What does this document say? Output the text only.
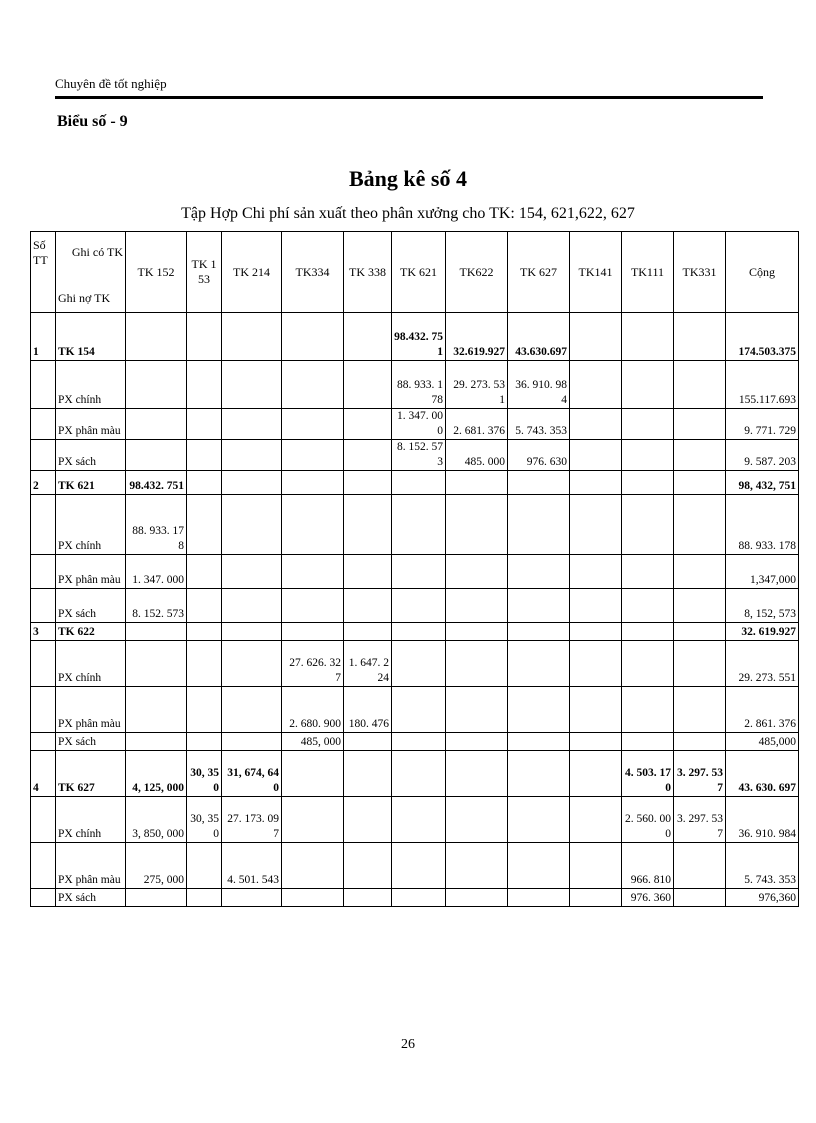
Chuyên đề tốt nghiệp
Biểu số - 9
Bảng kê số 4
Tập Hợp Chi phí sản xuất theo phân xưởng cho TK: 154, 621,622, 627
Số TT	Ghi có TK
Ghi nợ TK	TK 152	TK 153	TK 214	TK334	TK 338	TK 621	TK622	TK 627	TK141	TK111	TK331	Cộng
1	TK 154						98.432. 751	32.619.927	43.630.697				174.503.375
	PX chính						88. 933. 178	29. 273. 531	36. 910. 984				155.117.693
	PX phân màu						1. 347. 000	2. 681. 376	5. 743. 353				9. 771. 729
	PX sách						8. 152. 573	485. 000	976. 630				9. 587. 203
2	TK 621	98.432. 751											98, 432, 751
	PX chính	88. 933. 178											88. 933. 178
	PX phân màu	1. 347. 000											1,347,000
	PX sách	8. 152. 573											8, 152, 573
3	TK 622												32. 619.927
	PX chính				27. 626. 327	1. 647. 224							29. 273. 551
	PX phân màu				2. 680. 900	180. 476							2. 861. 376
	PX sách				485, 000								485,000
4	TK 627	4, 125, 000	30, 350	31, 674, 640							4. 503. 170	3. 297. 537	43. 630. 697
	PX chính	3, 850, 000	30, 350	27. 173. 097							2. 560. 000	3. 297. 537	36. 910. 984
	PX phân màu	275, 000		4. 501. 543							966. 810		5. 743. 353
	PX sách										976. 360		976,360
26
